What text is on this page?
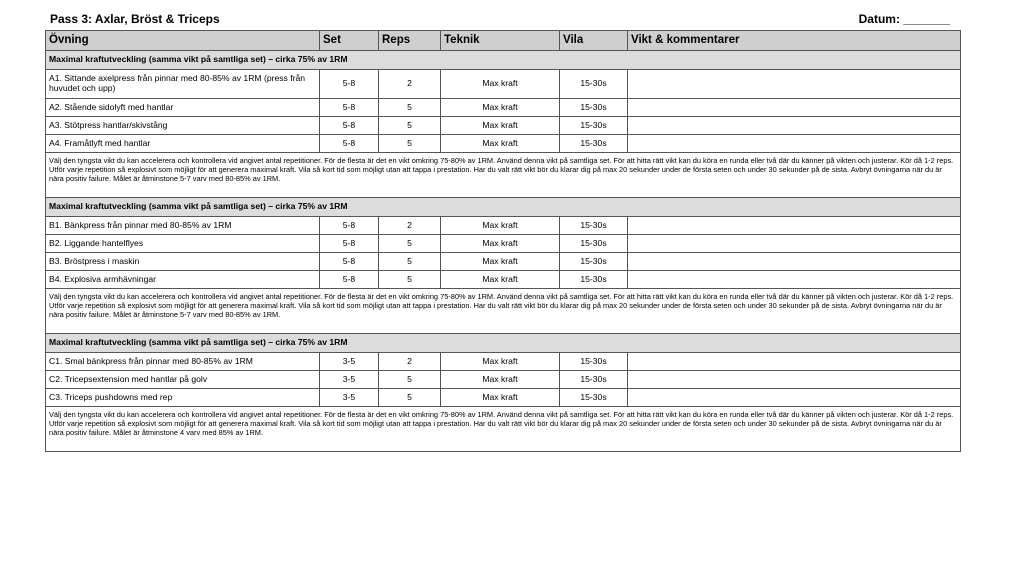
Pass 3: Axlar, Bröst & Triceps	Datum: _______
Övning	Set	Reps	Teknik	Vila	Vikt & kommentarer
Maximal kraftutveckling (samma vikt på samtliga set) – cirka 75% av 1RM					
A1. Sittande axelpress från pinnar med 80-85% av 1RM (press från huvudet och upp)	5-8	2	Max kraft	15-30s	
A2. Stående sidolyft med hantlar	5-8	5	Max kraft	15-30s	
A3. Stötpress hantlar/skivstång	5-8	5	Max kraft	15-30s	
A4. Framåtlyft med hantlar	5-8	5	Max kraft	15-30s	
Välj den tyngsta vikt du kan accelerera och kontrollera vid angivet antal repetitioner. För de flesta är det en vikt omkring 75-80% av 1RM. Använd denna vikt på samtliga set. För att hitta rätt vikt kan du köra en runda eller två där du känner på vikten och justerar. Kör då 1-2 reps.
Utför varje repetition så explosivt som möjligt för att generera maximal kraft. Vila så kort tid som möjligt utan att tappa i prestation. Har du valt rätt vikt bör du klarar dig på max 20 sekunder under de första seten och under 30 sekunder på de sista. Avbryt övningarna när du är nära positiv failure. Målet är åtminstone 5-7 varv med 80-85% av 1RM.					
Maximal kraftutveckling (samma vikt på samtliga set) – cirka 75% av 1RM					
B1. Bänkpress från pinnar med 80-85% av 1RM	5-8	2	Max kraft	15-30s	
B2. Liggande hantelflyes	5-8	5	Max kraft	15-30s	
B3. Bröstpress i maskin	5-8	5	Max kraft	15-30s	
B4. Explosiva armhävningar	5-8	5	Max kraft	15-30s	
Välj den tyngsta vikt du kan accelerera och kontrollera vid angivet antal repetitioner. För de flesta är det en vikt omkring 75-80% av 1RM. Använd denna vikt på samtliga set. För att hitta rätt vikt kan du köra en runda eller två där du känner på vikten och justerar. Kör då 1-2 reps.
Utför varje repetition så explosivt som möjligt för att generera maximal kraft. Vila så kort tid som möjligt utan att tappa i prestation. Har du valt rätt vikt bör du klarar dig på max 20 sekunder under de första seten och under 30 sekunder på de sista. Avbryt övningarna när du är nära positiv failure. Målet är åtminstone 5-7 varv med 80-85% av 1RM.					
Maximal kraftutveckling (samma vikt på samtliga set) – cirka 75% av 1RM					
C1. Smal bänkpress från pinnar med 80-85% av 1RM	3-5	2	Max kraft	15-30s	
C2. Tricepsextension med hantlar på golv	3-5	5	Max kraft	15-30s	
C3. Triceps pushdowns med rep	3-5	5	Max kraft	15-30s	
Välj den tyngsta vikt du kan accelerera och kontrollera vid angivet antal repetitioner. För de flesta är det en vikt omkring 75-80% av 1RM. Använd denna vikt på samtliga set. För att hitta rätt vikt kan du köra en runda eller två där du känner på vikten och justerar. Kör då 1-2 reps.
Utför varje repetition så explosivt som möjligt för att generera maximal kraft. Vila så kort tid som möjligt utan att tappa i prestation. Har du valt rätt vikt bör du klarar dig på max 20 sekunder under de första seten och under 30 sekunder på de sista. Avbryt övningarna när du är nära positiv failure. Målet är åtminstone 4 varv med 85% av 1RM.					
